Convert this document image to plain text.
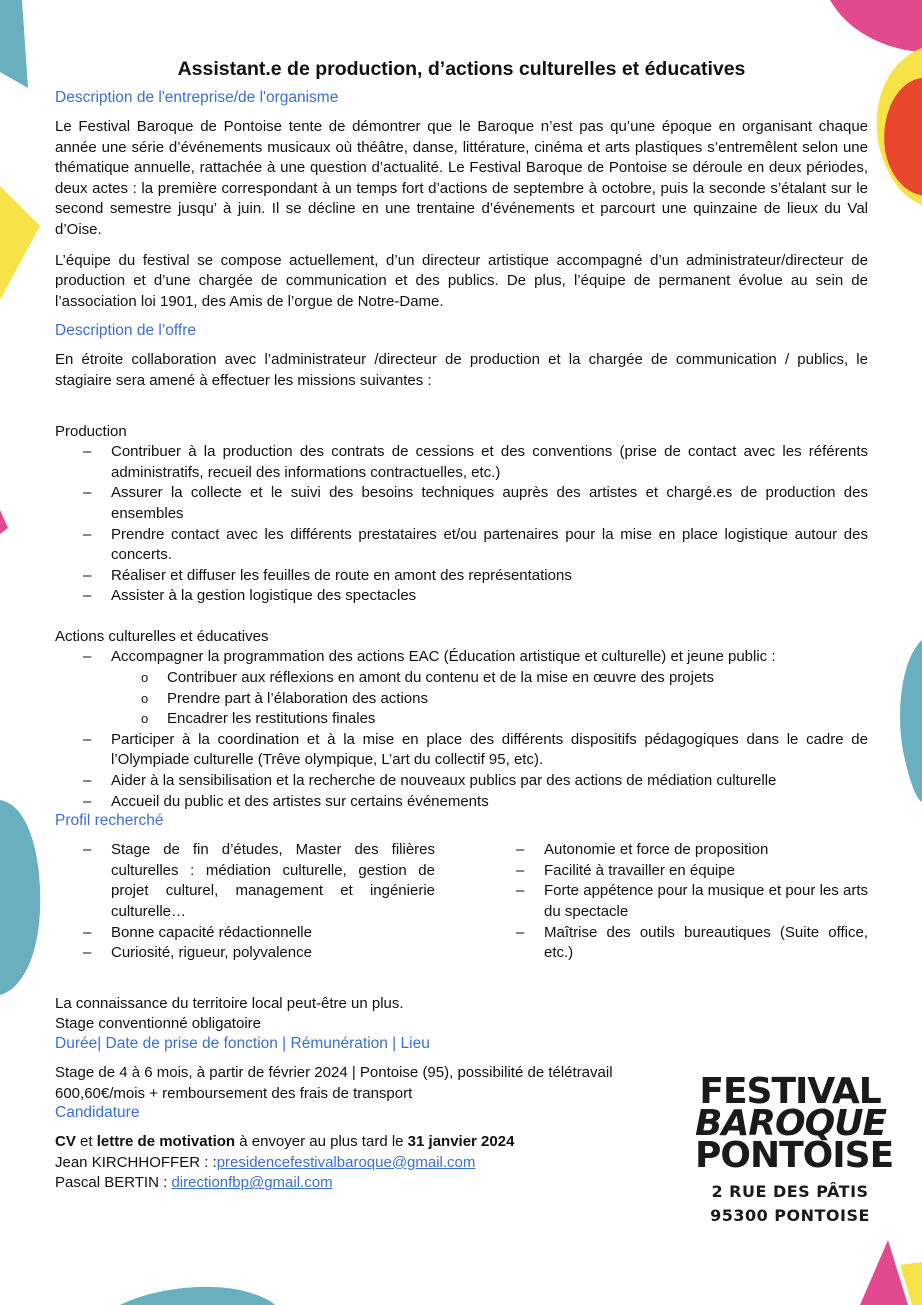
Assistant.e de production, d’actions culturelles et éducatives
Description de l'entreprise/de l'organisme

Le Festival Baroque de Pontoise tente de démontrer que le Baroque n’est pas qu’une époque en organisant chaque année une série d’événements musicaux où théâtre, danse, littérature, cinéma et arts plastiques s’entremêlent selon une thématique annuelle, rattachée à une question d’actualité. Le Festival Baroque de Pontoise se déroule en deux périodes, deux actes : la première correspondant à un temps fort d’actions de septembre à octobre, puis la seconde s’étalant sur le second semestre jusqu’ à juin. Il se décline en une trentaine d’événements et parcourt une quinzaine de lieux du Val d’Oise.

L’équipe du festival se compose actuellement, d’un directeur artistique accompagné d’un administrateur/directeur de production et d’une chargée de communication et des publics. De plus, l’équipe de permanent évolue au sein de l’association loi 1901, des Amis de l’orgue de Notre-Dame.

Description de l’offre

En étroite collaboration avec l’administrateur /directeur de production et la chargée de communication / publics, le stagiaire sera amené à effectuer les missions suivantes :

Production
– Contribuer à la production des contrats de cessions et des conventions (prise de contact avec les référents administratifs, recueil des informations contractuelles, etc.)
– Assurer la collecte et le suivi des besoins techniques auprès des artistes et chargé.es de production des ensembles
– Prendre contact avec les différents prestataires et/ou partenaires pour la mise en place logistique autour des concerts.
– Réaliser et diffuser les feuilles de route en amont des représentations
– Assister à la gestion logistique des spectacles
Actions culturelles et éducatives
– Accompagner la programmation des actions EAC (Éducation artistique et culturelle) et jeune public :
o Contribuer aux réflexions en amont du contenu et de la mise en œuvre des projets
o Prendre part à l’élaboration des actions
o Encadrer les restitutions finales
– Participer à la coordination et à la mise en place des différents dispositifs pédagogiques dans le cadre de l’Olympiade culturelle (Trêve olympique, L’art du collectif 95, etc).
– Aider à la sensibilisation et la recherche de nouveaux publics par des actions de médiation culturelle
– Accueil du public et des artistes sur certains événements
Profil recherché
– Stage de fin d’études, Master des filières culturelles : médiation culturelle, gestion de projet culturel, management et ingénierie culturelle…
– Bonne capacité rédactionnelle
– Curiosité, rigueur, polyvalence
– Autonomie et force de proposition
– Facilité à travailler en équipe
– Forte appétence pour la musique et pour les arts du spectacle
– Maîtrise des outils bureautiques (Suite office, etc.)
La connaissance du territoire local peut-être un plus.
Stage conventionné obligatoire
Durée| Date de prise de fonction | Rémunération | Lieu
Stage de 4 à 6 mois, à partir de février 2024 | Pontoise (95), possibilité de télétravail
600,60€/mois + remboursement des frais de transport
Candidature
CV et lettre de motivation à envoyer au plus tard le 31 janvier 2024
Jean KIRCHHOFFER : :presidencefestivalbaroque@gmail.com
Pascal BERTIN : directionfbp@gmail.com
FESTIVAL
BAROQUE
PONTOISE
2 RUE DES PÂTIS
95300 PONTOISE
